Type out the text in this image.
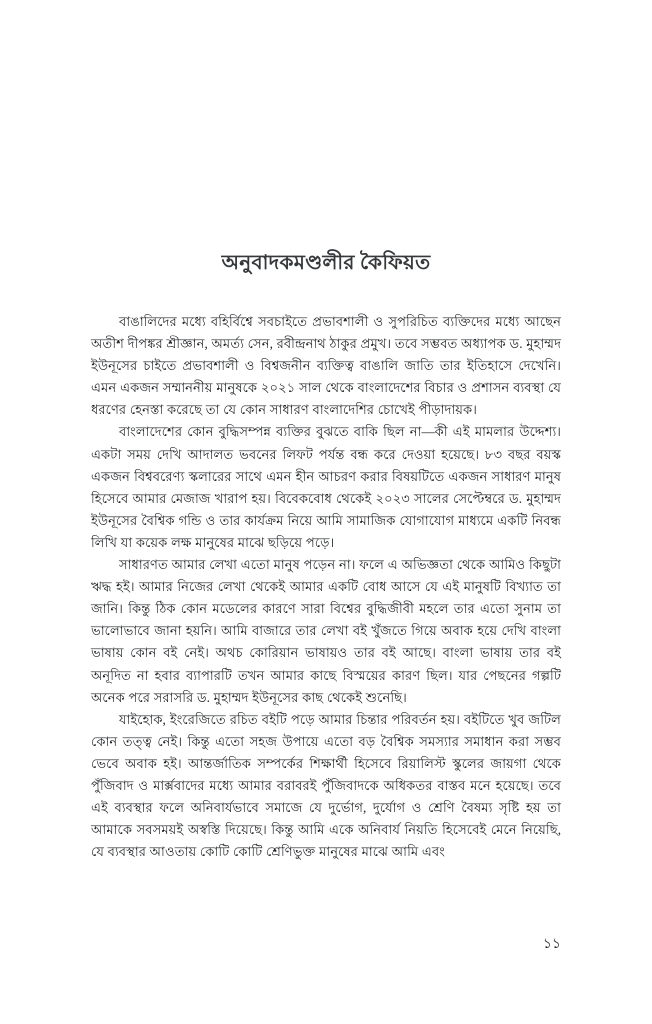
অনুবাদকমণ্ডলীর কৈফিয়ত

বাঙালিদের মধ্যে বহির্বিশ্বে সবচাইতে প্রভাবশালী ও সুপরিচিত ব্যক্তিদের মধ্যে আছেন অতীশ দীপঙ্কর শ্রীজ্ঞান, অমর্ত্য সেন, রবীন্দ্রনাথ ঠাকুর প্রমুখ। তবে সম্ভবত অধ্যাপক ড. মুহাম্মদ ইউনূসের চাইতে প্রভাবশালী ও বিশ্বজনীন ব্যক্তিত্ব বাঙালি জাতি তার ইতিহাসে দেখেনি। এমন একজন সম্মাননীয় মানুষকে ২০২১ সাল থেকে বাংলাদেশের বিচার ও প্রশাসন ব্যবস্থা যে ধরণের হেনস্তা করেছে তা যে কোন সাধারণ বাংলাদেশির চোখেই পীড়াদায়ক।

বাংলাদেশের কোন বুদ্ধিসম্পন্ন ব্যক্তির বুঝতে বাকি ছিল না—কী এই মামলার উদ্দেশ্য। একটা সময় দেখি আদালত ভবনের লিফট পর্যন্ত বন্ধ করে দেওয়া হয়েছে। ৮৩ বছর বয়স্ক একজন বিশ্ববরেণ্য স্কলারের সাথে এমন হীন আচরণ করার বিষয়টিতে একজন সাধারণ মানুষ হিসেবে আমার মেজাজ খারাপ হয়। বিবেকবোধ থেকেই ২০২৩ সালের সেপ্টেম্বরে ড. মুহাম্মদ ইউনূসের বৈশ্বিক গন্ডি ও তার কার্যক্রম নিয়ে আমি সামাজিক যোগাযোগ মাধ্যমে একটি নিবন্ধ লিখি যা কয়েক লক্ষ মানুষের মাঝে ছড়িয়ে পড়ে।

সাধারণত আমার লেখা এতো মানুষ পড়েন না। ফলে এ অভিজ্ঞতা থেকে আমিও কিছুটা ঋদ্ধ হই। আমার নিজের লেখা থেকেই আমার একটি বোধ আসে যে এই মানুষটি বিখ্যাত তা জানি। কিন্তু ঠিক কোন মডেলের কারণে সারা বিশ্বের বুদ্ধিজীবী মহলে তার এতো সুনাম তা ভালোভাবে জানা হয়নি। আমি বাজারে তার লেখা বই খুঁজতে গিয়ে অবাক হয়ে দেখি বাংলা ভাষায় কোন বই নেই। অথচ কোরিয়ান ভাষায়ও তার বই আছে। বাংলা ভাষায় তার বই অনূদিত না হবার ব্যাপারটি তখন আমার কাছে বিস্ময়ের কারণ ছিল। যার পেছনের গল্পটি অনেক পরে সরাসরি ড. মুহাম্মদ ইউনূসের কাছ থেকেই শুনেছি।

যাইহোক, ইংরেজিতে রচিত বইটি পড়ে আমার চিন্তার পরিবর্তন হয়। বইটিতে খুব জটিল কোন তত্ত্ব নেই। কিন্তু এতো সহজ উপায়ে এতো বড় বৈশ্বিক সমস্যার সমাধান করা সম্ভব ভেবে অবাক হই। আন্তর্জাতিক সম্পর্কের শিক্ষার্থী হিসেবে রিয়ালিস্ট স্কুলের জায়গা থেকে পুঁজিবাদ ও মার্ক্সবাদের মধ্যে আমার বরাবরই পুঁজিবাদকে অধিকতর বাস্তব মনে হয়েছে। তবে এই ব্যবস্থার ফলে অনিবার্যভাবে সমাজে যে দুর্ভোগ, দুর্যোগ ও শ্রেণি বৈষম্য সৃষ্টি হয় তা আমাকে সবসময়ই অস্বস্তি দিয়েছে। কিন্তু আমি একে অনিবার্য নিয়তি হিসেবেই মেনে নিয়েছি, যে ব্যবস্থার আওতায় কোটি কোটি শ্রেণিভুক্ত মানুষের মাঝে আমি এবং

১১
